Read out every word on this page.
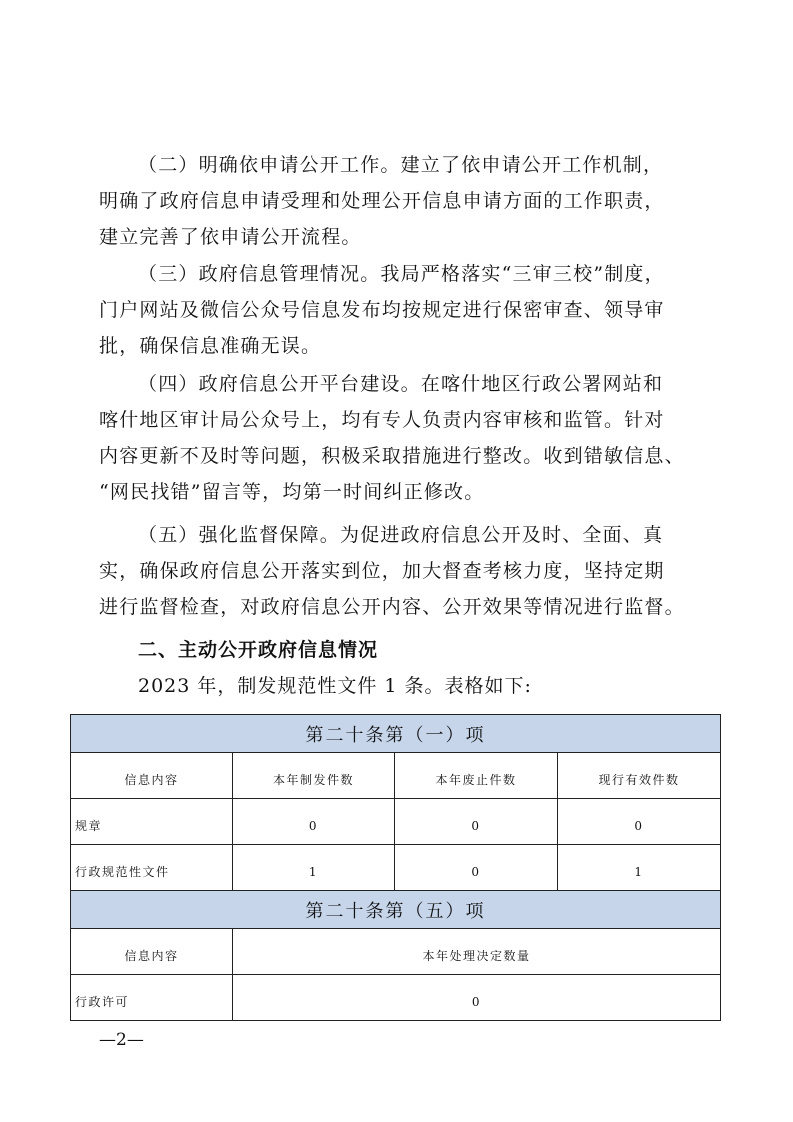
（二）明确依申请公开工作。建立了依申请公开工作机制，
明确了政府信息申请受理和处理公开信息申请方面的工作职责，
建立完善了依申请公开流程。

（三）政府信息管理情况。我局严格落实“三审三校”制度，
门户网站及微信公众号信息发布均按规定进行保密审查、领导审
批，确保信息准确无误。

（四）政府信息公开平台建设。在喀什地区行政公署网站和
喀什地区审计局公众号上，均有专人负责内容审核和监管。针对
内容更新不及时等问题，积极采取措施进行整改。收到错敏信息、
“网民找错”留言等，均第一时间纠正修改。

（五）强化监督保障。为促进政府信息公开及时、全面、真
实，确保政府信息公开落实到位，加大督查考核力度，坚持定期
进行监督检查，对政府信息公开内容、公开效果等情况进行监督。

二、主动公开政府信息情况

2023 年，制发规范性文件 1 条。表格如下:

第二十条第（一）项			
信息内容	本年制发件数	本年废止件数	现行有效件数
规章	0	0	0
行政规范性文件	1	0	1
第二十条第（五）项			
信息内容	本年处理决定数量		
行政许可	0		

—2—
